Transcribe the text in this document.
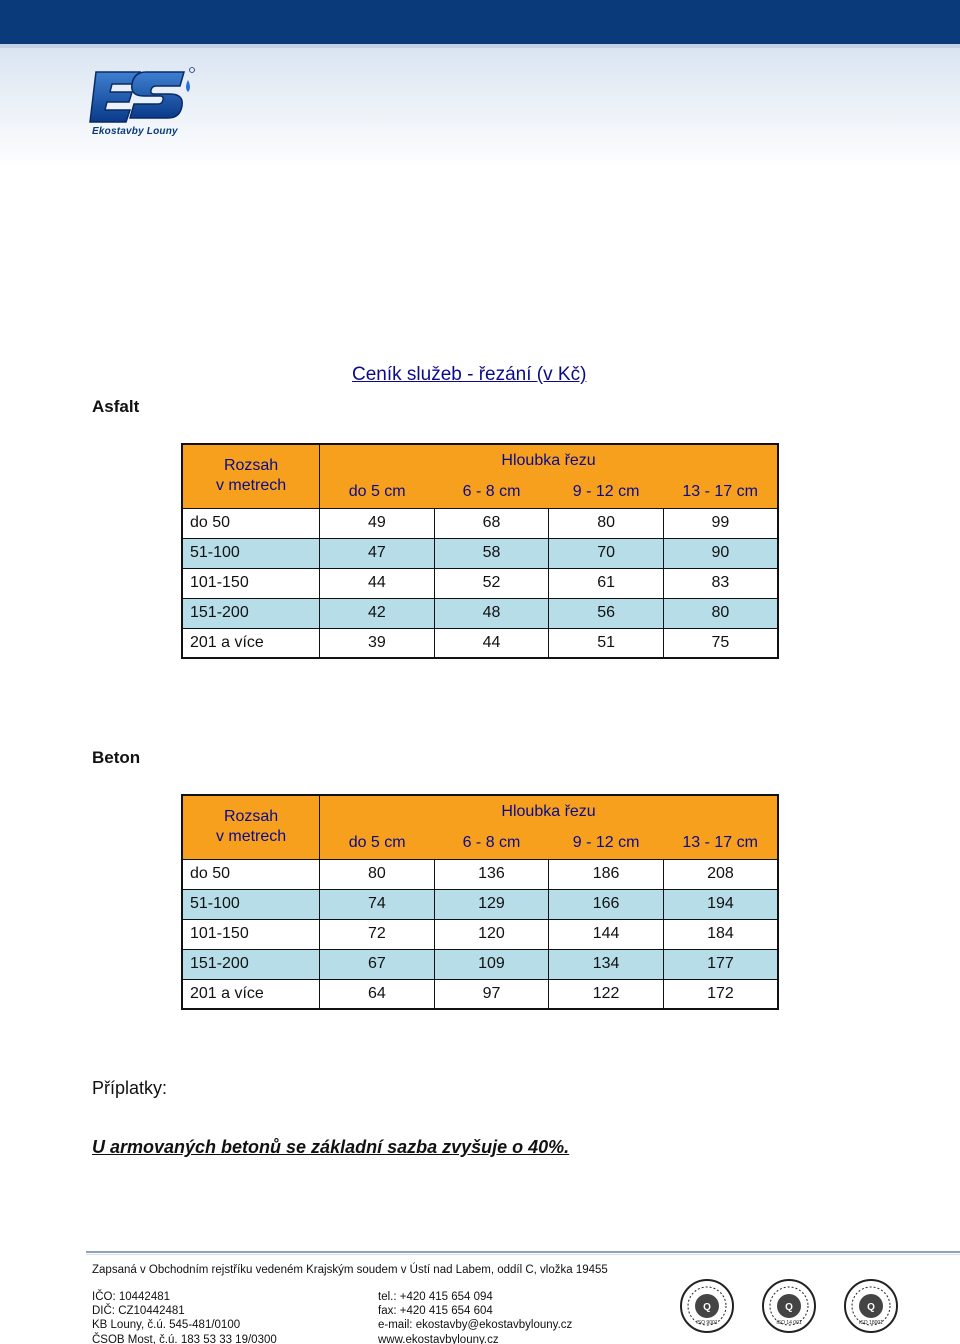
Ekostavby Louny
Ceník služeb - řezání (v Kč)
Asfalt
Rozsah
v metrech	Hloubka řezu			
	do 5 cm	6 - 8 cm	9 - 12 cm	13 - 17 cm
do 50	49	68	80	99
51-100	47	58	70	90
101-150	44	52	61	83
151-200	42	48	56	80
201 a více	39	44	51	75
Beton
Rozsah
v metrech	Hloubka řezu			
	do 5 cm	6 - 8 cm	9 - 12 cm	13 - 17 cm
do 50	80	136	186	208
51-100	74	129	166	194
101-150	72	120	144	184
151-200	67	109	134	177
201 a více	64	97	122	172
Příplatky:
U armovaných betonů se základní sazba zvyšuje o 40%.
Zapsaná v Obchodním rejstříku vedeném Krajským soudem v Ústí nad Labem, oddíl C, vložka 19455
IČO: 10442481
DIČ: CZ10442481
KB Louny, č.ú. 545-481/0100
ČSOB Most, č.ú. 183 53 33 19/0300
tel.: +420 415 654 094
fax: +420 415 654 604
e-mail: ekostavby@ekostavbylouny.cz
www.ekostavbylouny.cz
Q
ISO 9001
Q
ISO 14 001
Q
ISO 18001
